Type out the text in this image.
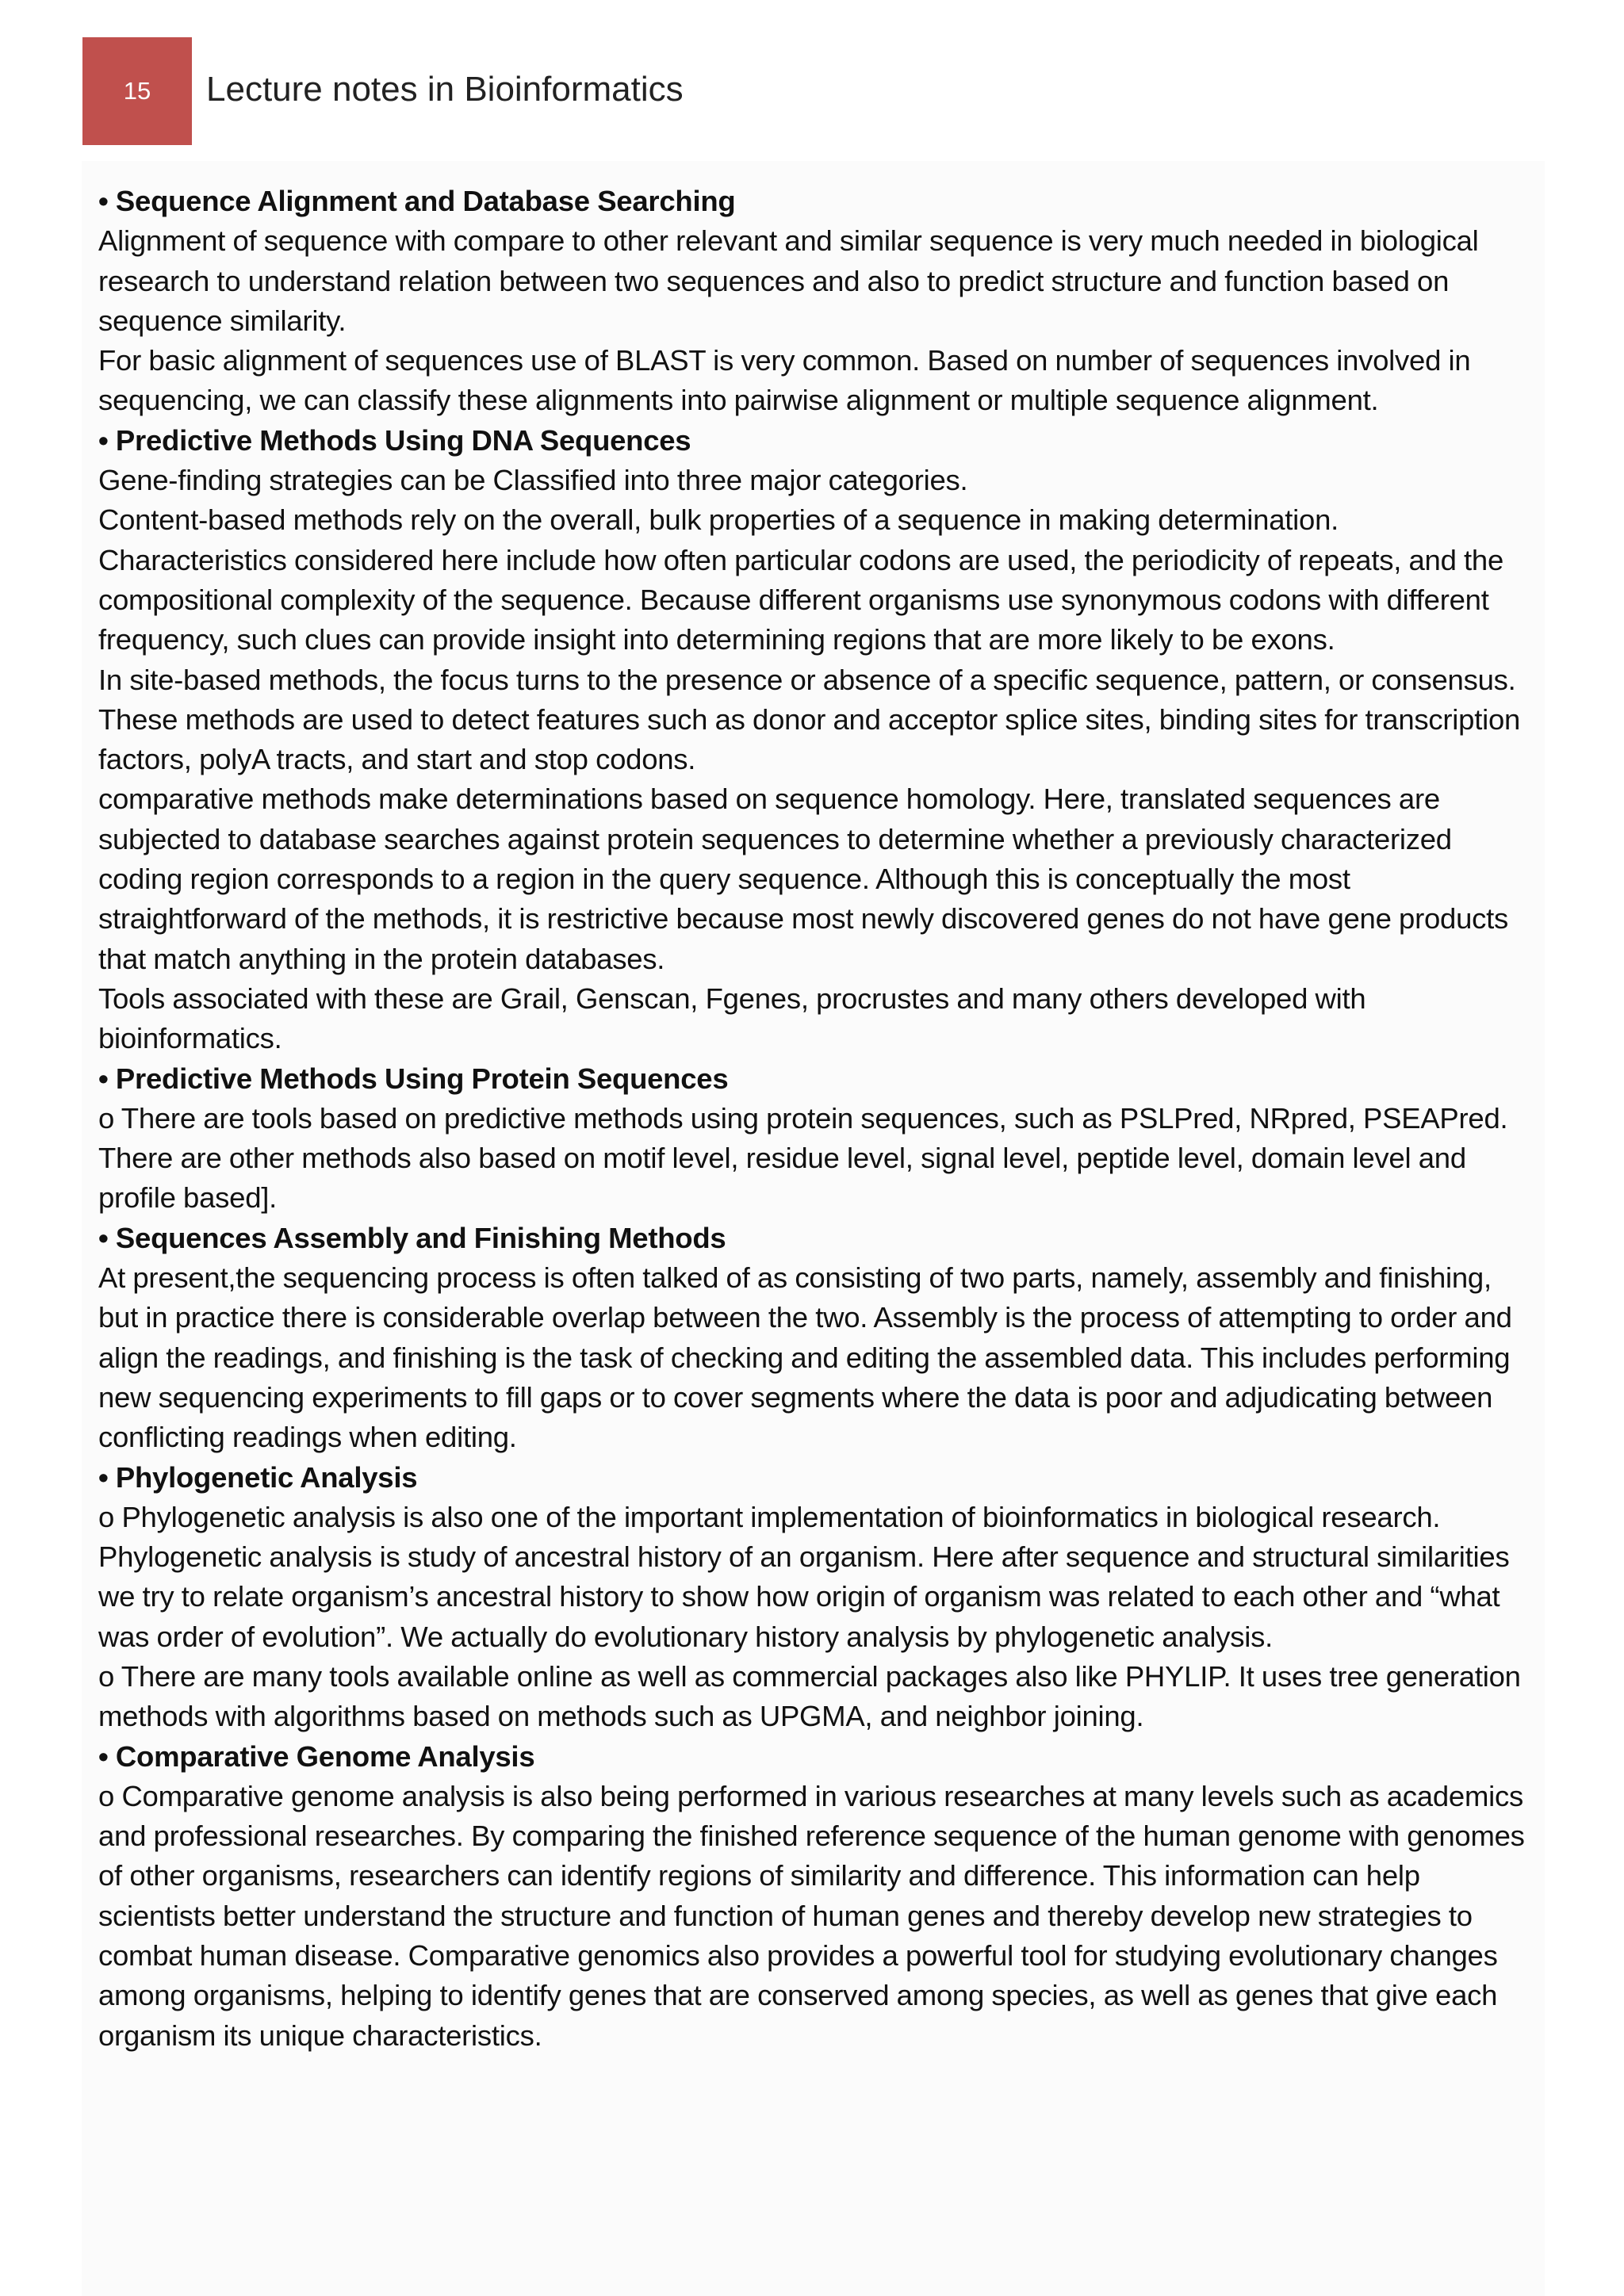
15 Lecture notes in Bioinformatics

• Sequence Alignment and Database Searching

Alignment of sequence with compare to other relevant and similar sequence is very much needed in biological research to understand relation between two sequences and also to predict structure and function based on sequence similarity.

For basic alignment of sequences use of BLAST is very common. Based on number of sequences involved in sequencing, we can classify these alignments into pairwise alignment or multiple sequence alignment.

• Predictive Methods Using DNA Sequences

Gene-finding strategies can be Classified into three major categories.

Content-based methods rely on the overall, bulk properties of a sequence in making determination. Characteristics considered here include how often particular codons are used, the periodicity of repeats, and the compositional complexity of the sequence. Because different organisms use synonymous codons with different frequency, such clues can provide insight into determining regions that are more likely to be exons.

In site-based methods, the focus turns to the presence or absence of a specific sequence, pattern, or consensus. These methods are used to detect features such as donor and acceptor splice sites, binding sites for transcription factors, polyA tracts, and start and stop codons.

comparative methods make determinations based on sequence homology. Here, translated sequences are subjected to database searches against protein sequences to determine whether a previously characterized coding region corresponds to a region in the query sequence. Although this is conceptually the most straightforward of the methods, it is restrictive because most newly discovered genes do not have gene products that match anything in the protein databases.

Tools associated with these are Grail, Genscan, Fgenes, procrustes and many others developed with bioinformatics.

• Predictive Methods Using Protein Sequences

o There are tools based on predictive methods using protein sequences, such as PSLPred, NRpred, PSEAPred. There are other methods also based on motif level, residue level, signal level, peptide level, domain level and profile based].

• Sequences Assembly and Finishing Methods

At present,the sequencing process is often talked of as consisting of two parts, namely, assembly and finishing, but in practice there is considerable overlap between the two. Assembly is the process of attempting to order and align the readings, and finishing is the task of checking and editing the assembled data. This includes performing new sequencing experiments to fill gaps or to cover segments where the data is poor and adjudicating between conflicting readings when editing.

• Phylogenetic Analysis

o Phylogenetic analysis is also one of the important implementation of bioinformatics in biological research. Phylogenetic analysis is study of ancestral history of an organism. Here after sequence and structural similarities we try to relate organism’s ancestral history to show how origin of organism was related to each other and “what was order of evolution”. We actually do evolutionary history analysis by phylogenetic analysis.

o There are many tools available online as well as commercial packages also like PHYLIP. It uses tree generation methods with algorithms based on methods such as UPGMA, and neighbor joining.

• Comparative Genome Analysis

o Comparative genome analysis is also being performed in various researches at many levels such as academics and professional researches. By comparing the finished reference sequence of the human genome with genomes of other organisms, researchers can identify regions of similarity and difference. This information can help scientists better understand the structure and function of human genes and thereby develop new strategies to combat human disease. Comparative genomics also provides a powerful tool for studying evolutionary changes among organisms, helping to identify genes that are conserved among species, as well as genes that give each organism its unique characteristics.
